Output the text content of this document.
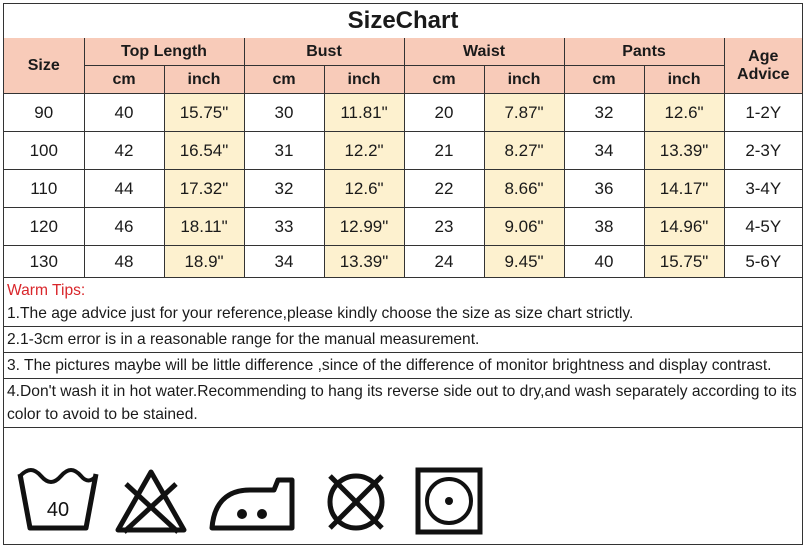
SizeChart
Size	Top Length		Bust		Waist		Pants		Age
Advice

	cm	inch	cm	inch	cm	inch	cm	inch	
90	40	15.75"	30	11.81"	20	7.87"	32	12.6"	1-2Y
100	42	16.54"	31	12.2"	21	8.27"	34	13.39"	2-3Y
110	44	17.32"	32	12.6"	22	8.66"	36	14.17"	3-4Y
120	46	18.11"	33	12.99"	23	9.06"	38	14.96"	4-5Y
130	48	18.9"	34	13.39"	24	9.45"	40	15.75"	5-6Y
Warm Tips:
1.The age advice just for your reference,please kindly choose the size as size chart strictly.
2.1-3cm error is in a reasonable range for the manual measurement.
3. The pictures maybe will be little difference ,since of the difference of monitor brightness and display contrast.
4.Don't wash it in hot water.Recommending to hang its reverse side out to dry,and wash separately according to its color to avoid to be stained.
40
